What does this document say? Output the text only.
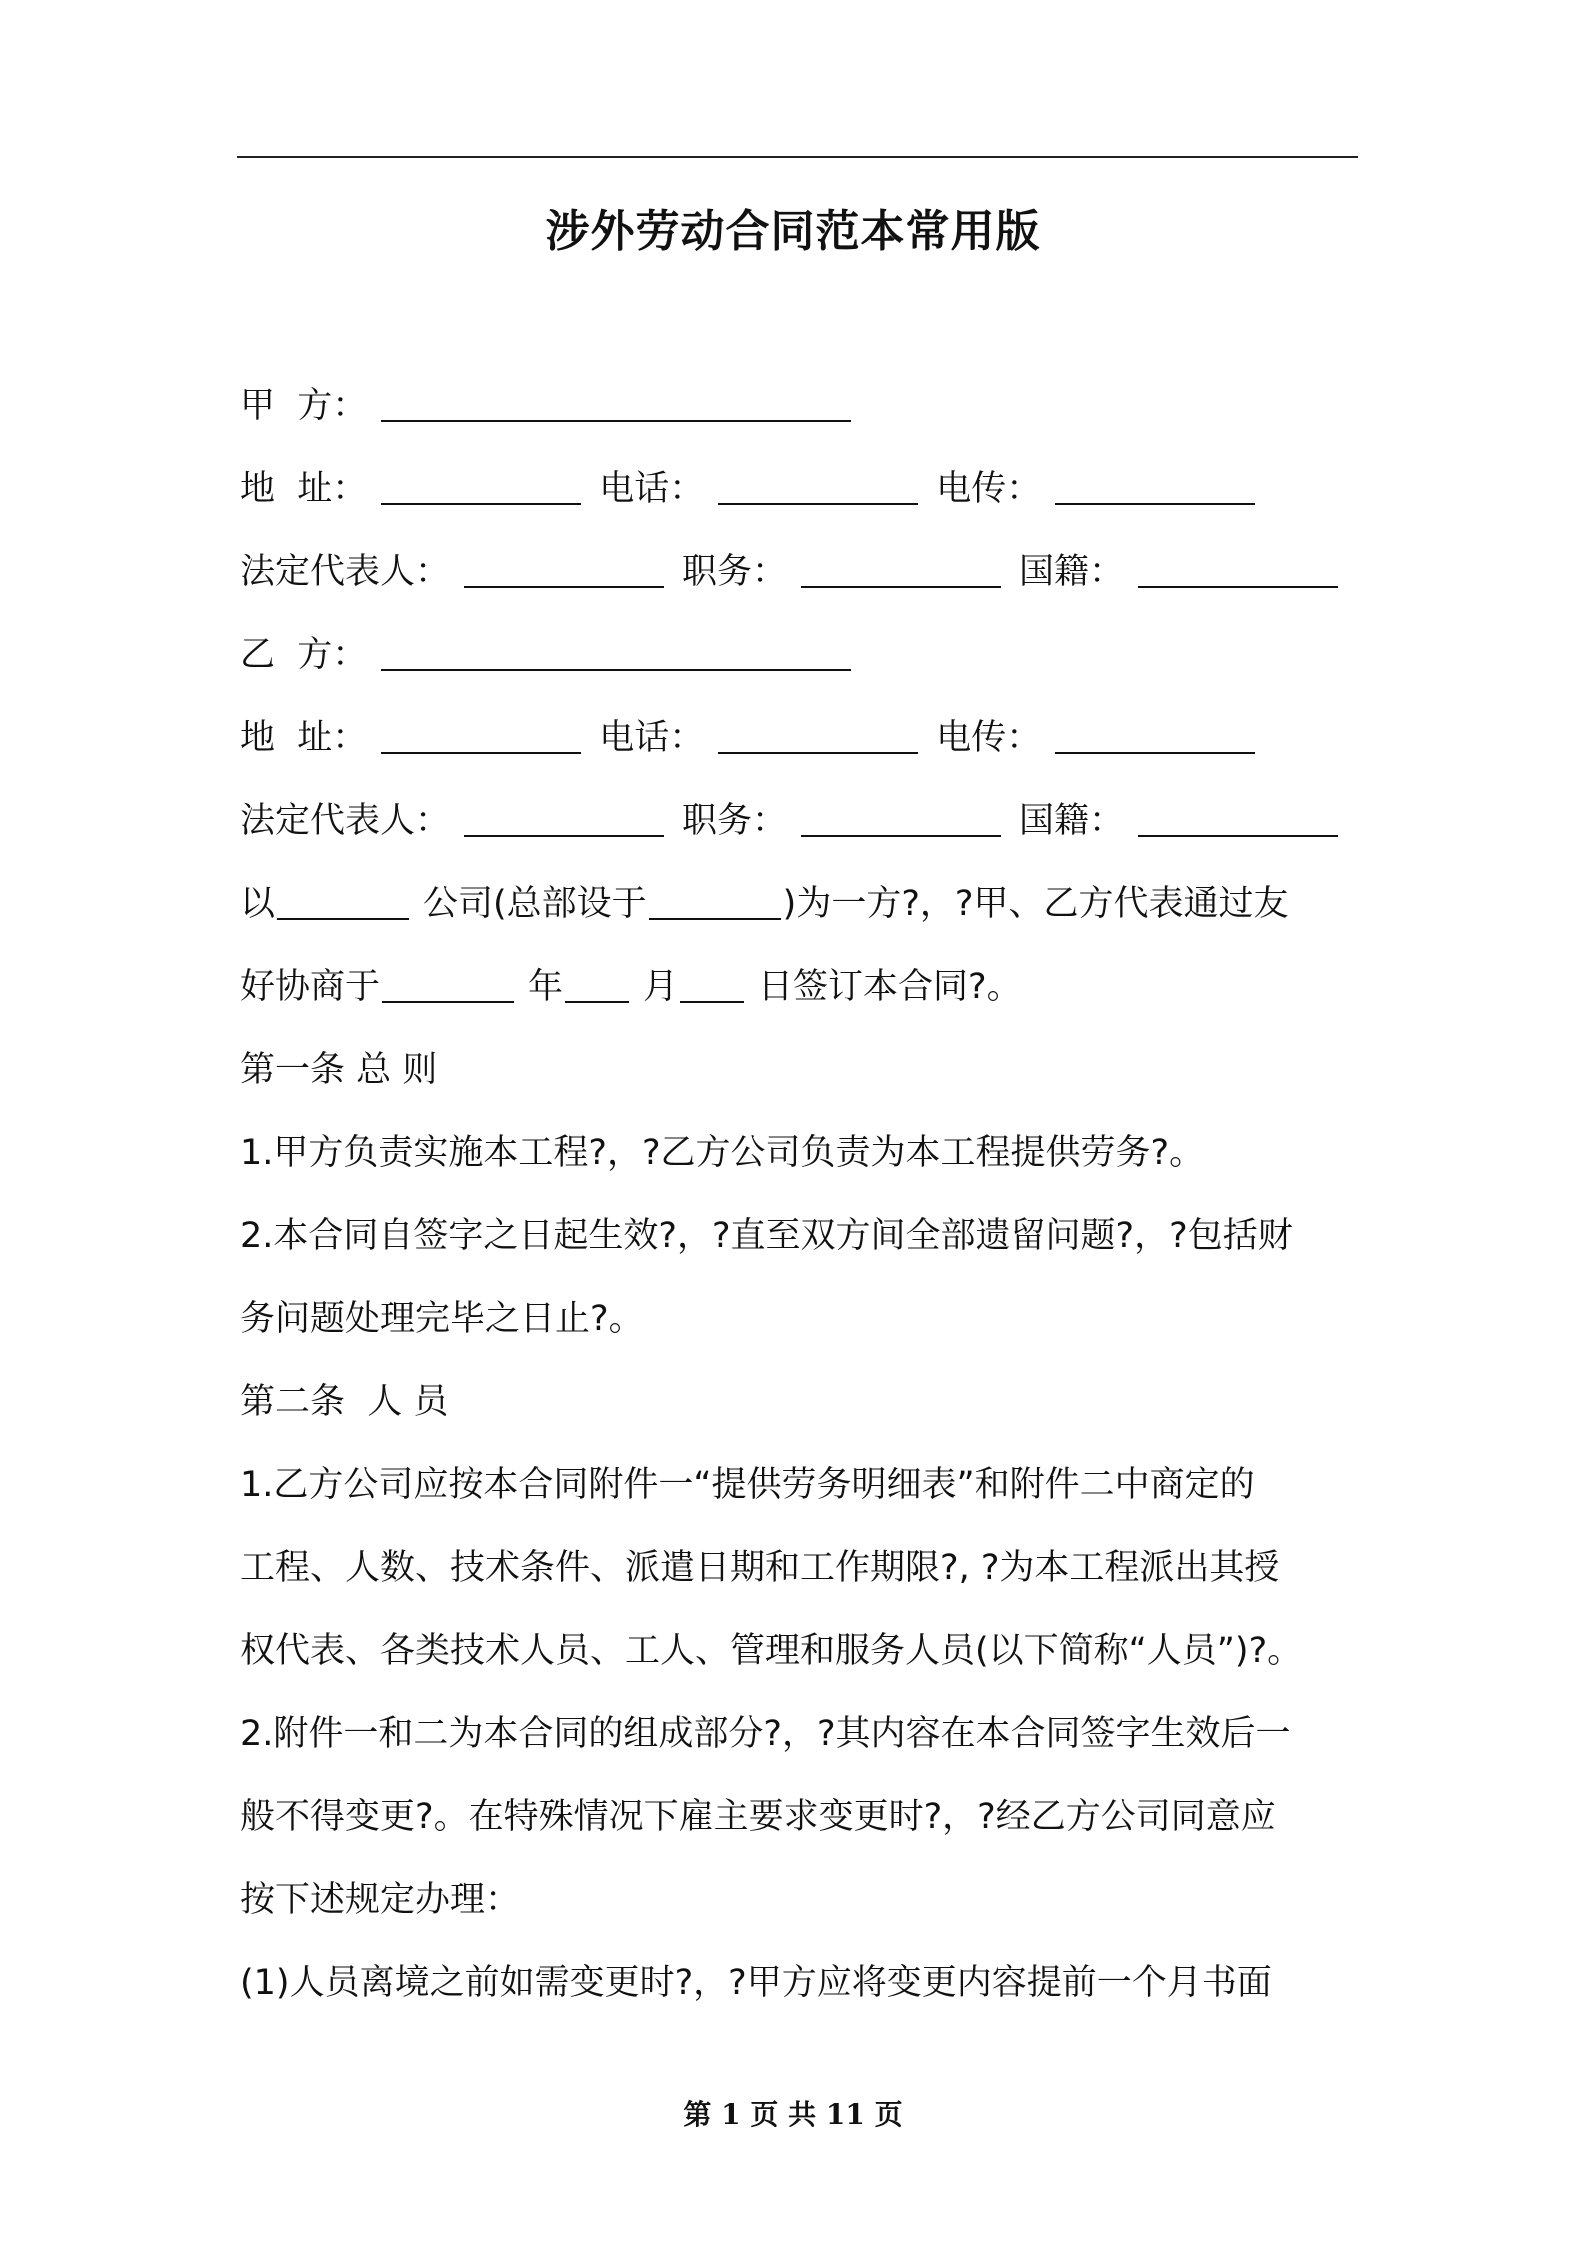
涉外劳动合同范本常用版
甲  方：
地  址：	电话：	电传：
法定代表人：	职务：	国籍：
乙  方：
地  址：	电话：	电传：
法定代表人：	职务：	国籍：
以	公司(总部设于	)为一方?，?甲、乙方代表通过友
好协商于	年 月 日签订本合同?。
第一条 总 则
1.甲方负责实施本工程?，?乙方公司负责为本工程提供劳务?。
2.本合同自签字之日起生效?，?直至双方间全部遗留问题?，?包括财
务问题处理完毕之日止?。
第二条  人 员
1.乙方公司应按本合同附件一“提供劳务明细表”和附件二中商定的
工程、人数、技术条件、派遣日期和工作期限?, ?为本工程派出其授
权代表、各类技术人员、工人、管理和服务人员(以下简称“人员”)?。
2.附件一和二为本合同的组成部分?，?其内容在本合同签字生效后一
般不得变更?。在特殊情况下雇主要求变更时?，?经乙方公司同意应
按下述规定办理：
(1)人员离境之前如需变更时?，?甲方应将变更内容提前一个月书面
第 1 页 共 11 页
